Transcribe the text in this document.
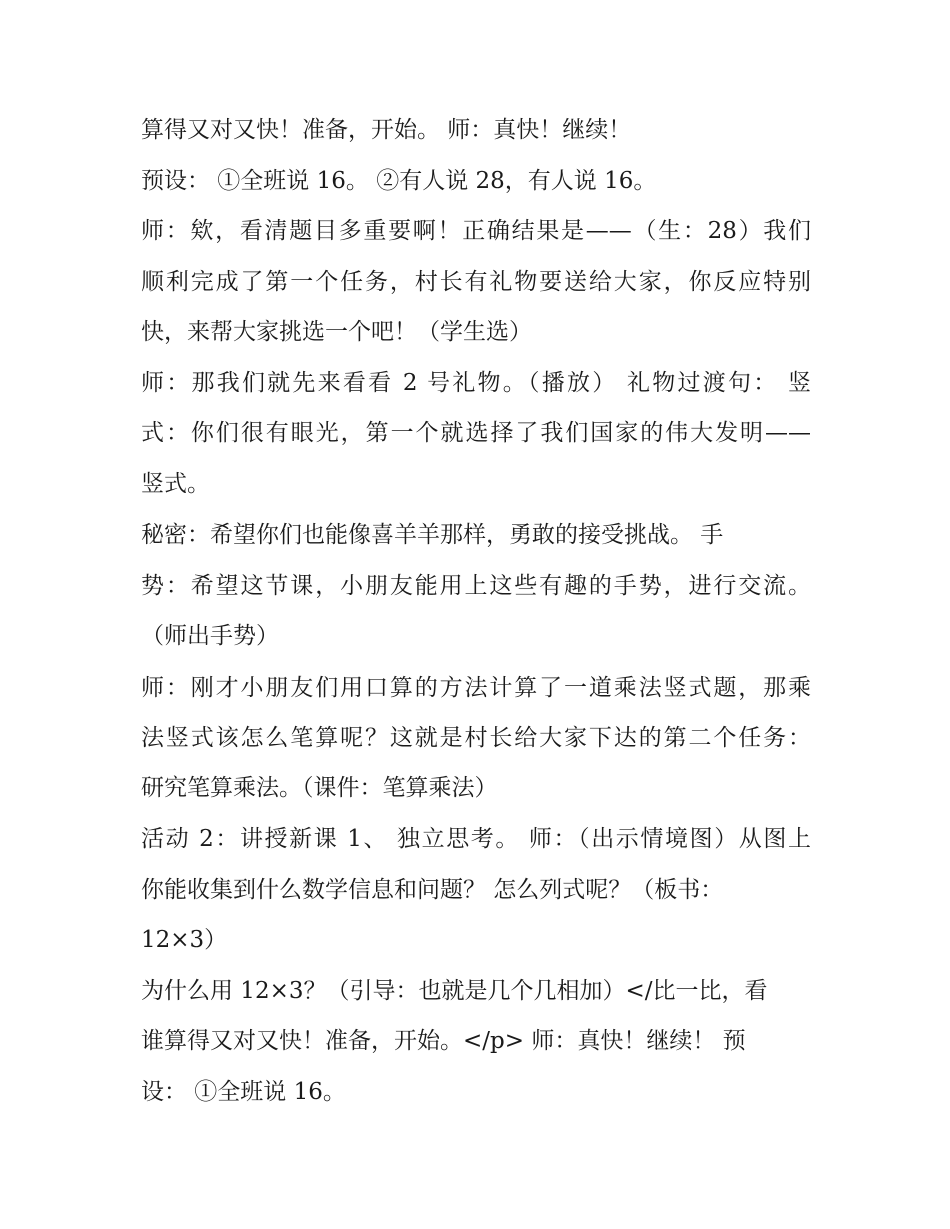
算得又对又快！准备，开始。 师：真快！继续！

预设： ①全班说 16。 ②有人说 28，有人说 16。

师：欸，看清题目多重要啊！正确结果是——（生：28）我们

顺利完成了第一个任务，村长有礼物要送给大家，你反应特别

快，来帮大家挑选一个吧！（学生选）

师：那我们就先来看看 2 号礼物。（播放） 礼物过渡句： 竖

式：你们很有眼光，第一个就选择了我们国家的伟大发明——

竖式。

秘密：希望你们也能像喜羊羊那样，勇敢的接受挑战。 手

势：希望这节课，小朋友能用上这些有趣的手势，进行交流。

（师出手势）

师：刚才小朋友们用口算的方法计算了一道乘法竖式题，那乘

法竖式该怎么笔算呢？这就是村长给大家下达的第二个任务：

研究笔算乘法。（课件：笔算乘法）

活动 2：讲授新课 1、 独立思考。 师：（出示情境图）从图上

你能收集到什么数学信息和问题？ 怎么列式呢？（板书：

12×3）

为什么用 12×3？（引导：也就是几个几相加）</比一比，看

谁算得又对又快！准备，开始。</p> 师：真快！继续！ 预

设： ①全班说 16。
